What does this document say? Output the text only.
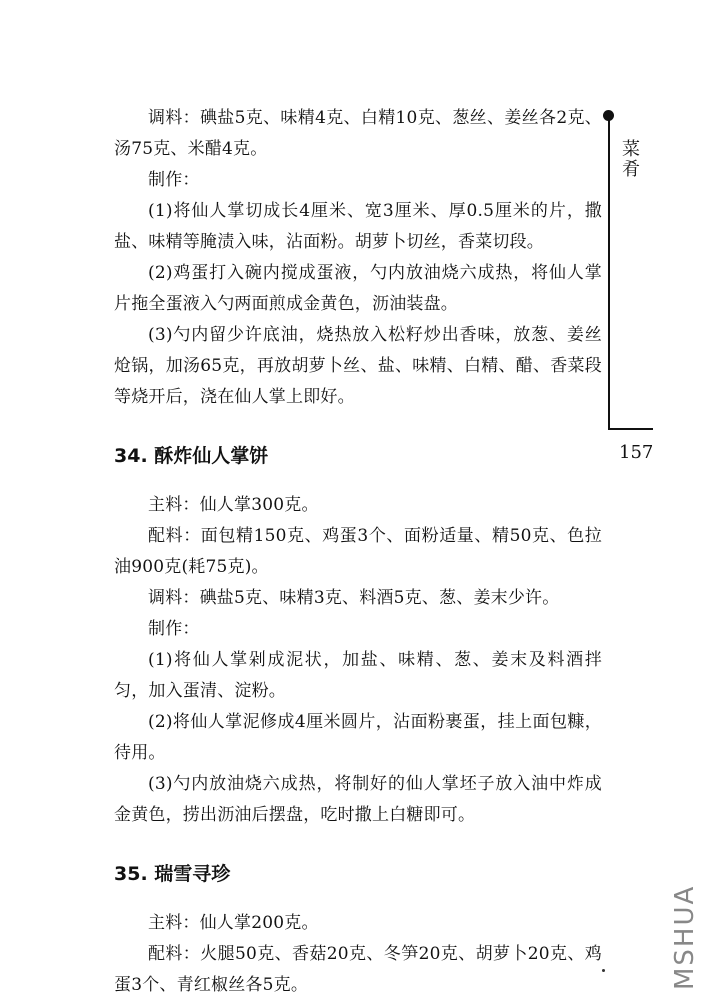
菜肴
157

调料：碘盐5克、味精4克、白精10克、葱丝、姜丝各2克、汤75克、米醋4克。

制作：

(1)将仙人掌切成长4厘米、宽3厘米、厚0.5厘米的片，撒盐、味精等腌渍入味，沾面粉。胡萝卜切丝，香菜切段。

(2)鸡蛋打入碗内搅成蛋液，勺内放油烧六成热，将仙人掌片拖全蛋液入勺两面煎成金黄色，沥油装盘。

(3)勺内留少许底油，烧热放入松籽炒出香味，放葱、姜丝炝锅，加汤65克，再放胡萝卜丝、盐、味精、白精、醋、香菜段等烧开后，浇在仙人掌上即好。

34. 酥炸仙人掌饼

主料：仙人掌300克。

配料：面包精150克、鸡蛋3个、面粉适量、精50克、色拉油900克(耗75克)。

调料：碘盐5克、味精3克、料酒5克、葱、姜末少许。

制作：

(1)将仙人掌剁成泥状，加盐、味精、葱、姜末及料酒拌匀，加入蛋清、淀粉。

(2)将仙人掌泥修成4厘米圆片，沾面粉裹蛋，挂上面包糠，待用。

(3)勺内放油烧六成热，将制好的仙人掌坯子放入油中炸成金黄色，捞出沥油后摆盘，吃时撒上白糖即可。

35. 瑞雪寻珍

主料：仙人掌200克。

配料：火腿50克、香菇20克、冬笋20克、胡萝卜20克、鸡蛋3个、青红椒丝各5克。	MSHUA
